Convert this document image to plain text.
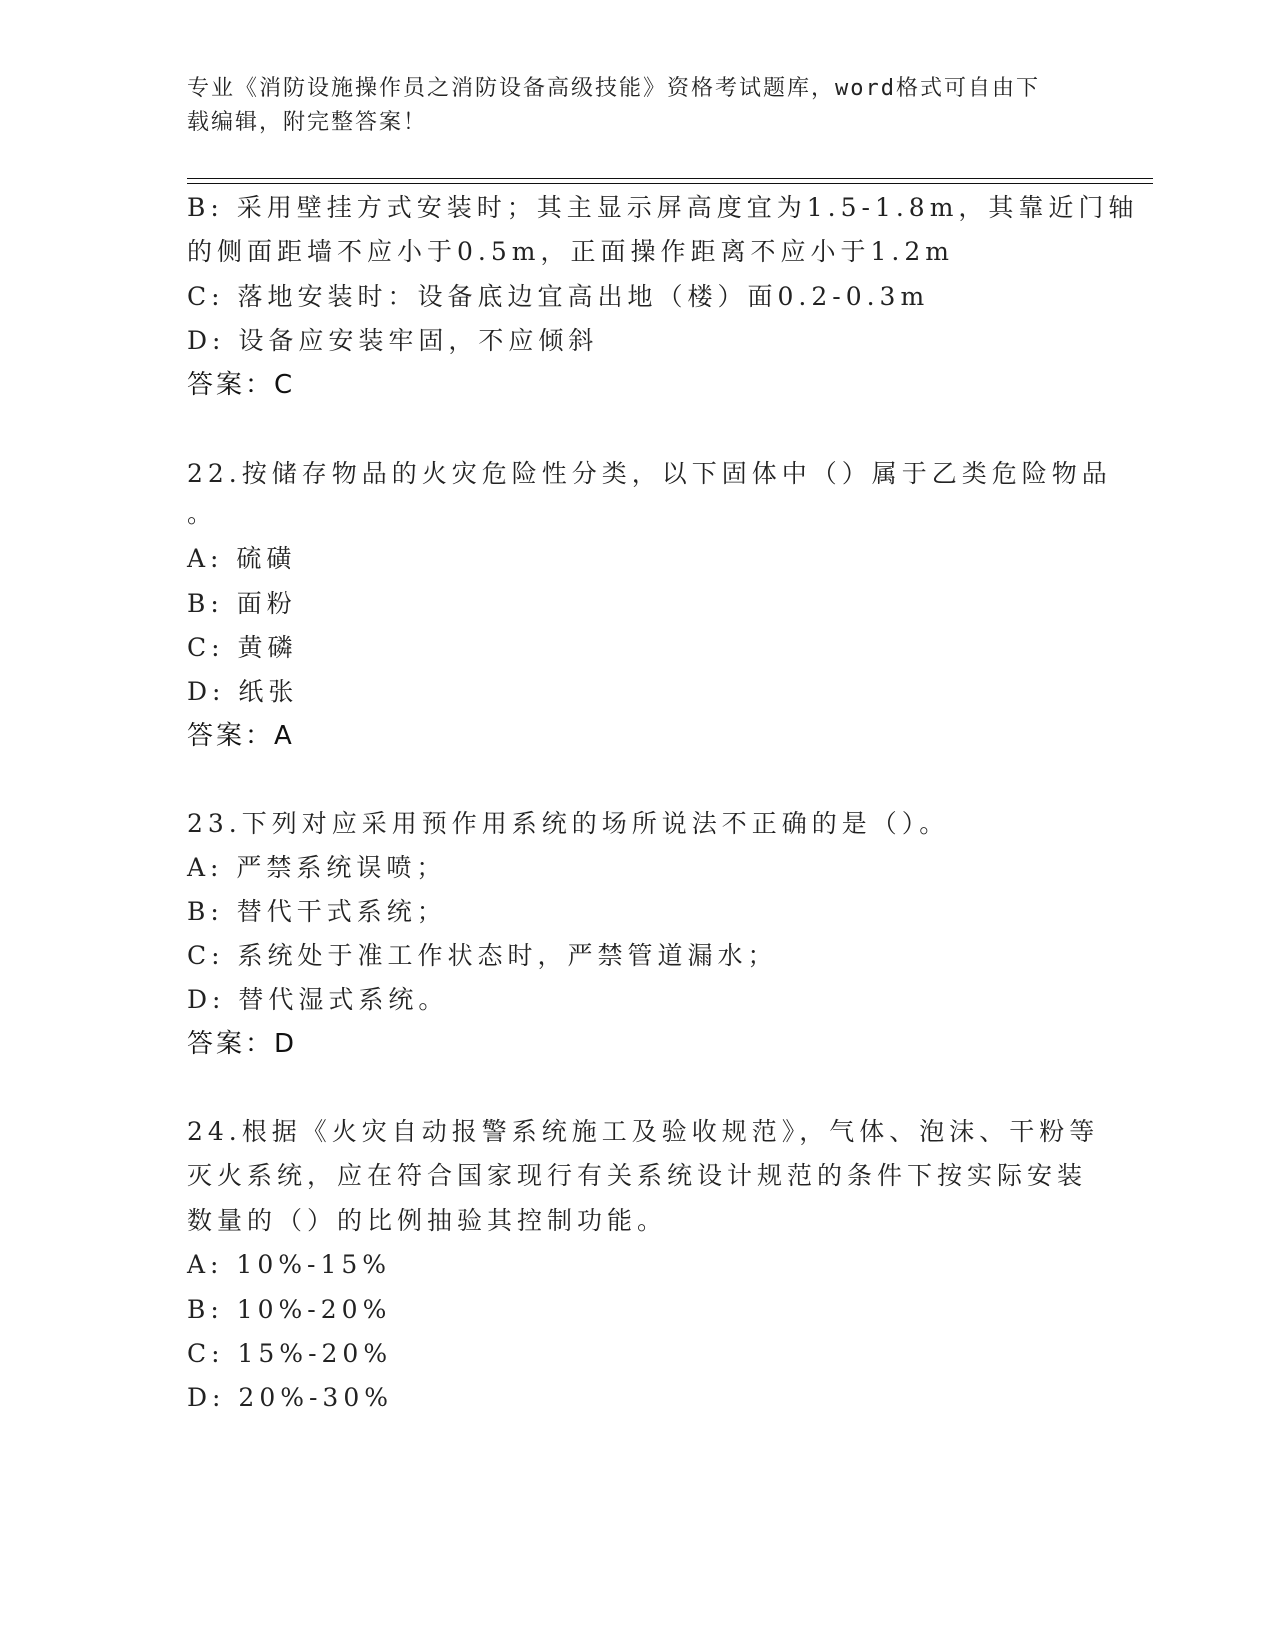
专业《消防设施操作员之消防设备高级技能》资格考试题库，word格式可自由下
载编辑，附完整答案！
B: 采用壁挂方式安装时；其主显示屏高度宜为1.5-1.8m，其靠近门轴
的侧面距墙不应小于0.5m，正面操作距离不应小于1.2m
C: 落地安装时：设备底边宜高出地（楼）面0.2-0.3m
D: 设备应安装牢固，不应倾斜
答案：C
22.按储存物品的火灾危险性分类，以下固体中（）属于乙类危险物品
。
A: 硫磺
B: 面粉
C: 黄磷
D: 纸张
答案：A
23.下列对应采用预作用系统的场所说法不正确的是（）。
A: 严禁系统误喷；
B: 替代干式系统；
C: 系统处于准工作状态时，严禁管道漏水；
D: 替代湿式系统。
答案：D
24.根据《火灾自动报警系统施工及验收规范》，气体、泡沫、干粉等
灭火系统，应在符合国家现行有关系统设计规范的条件下按实际安装
数量的（）的比例抽验其控制功能。
A: 10%-15%
B: 10%-20%
C: 15%-20%
D: 20%-30%
